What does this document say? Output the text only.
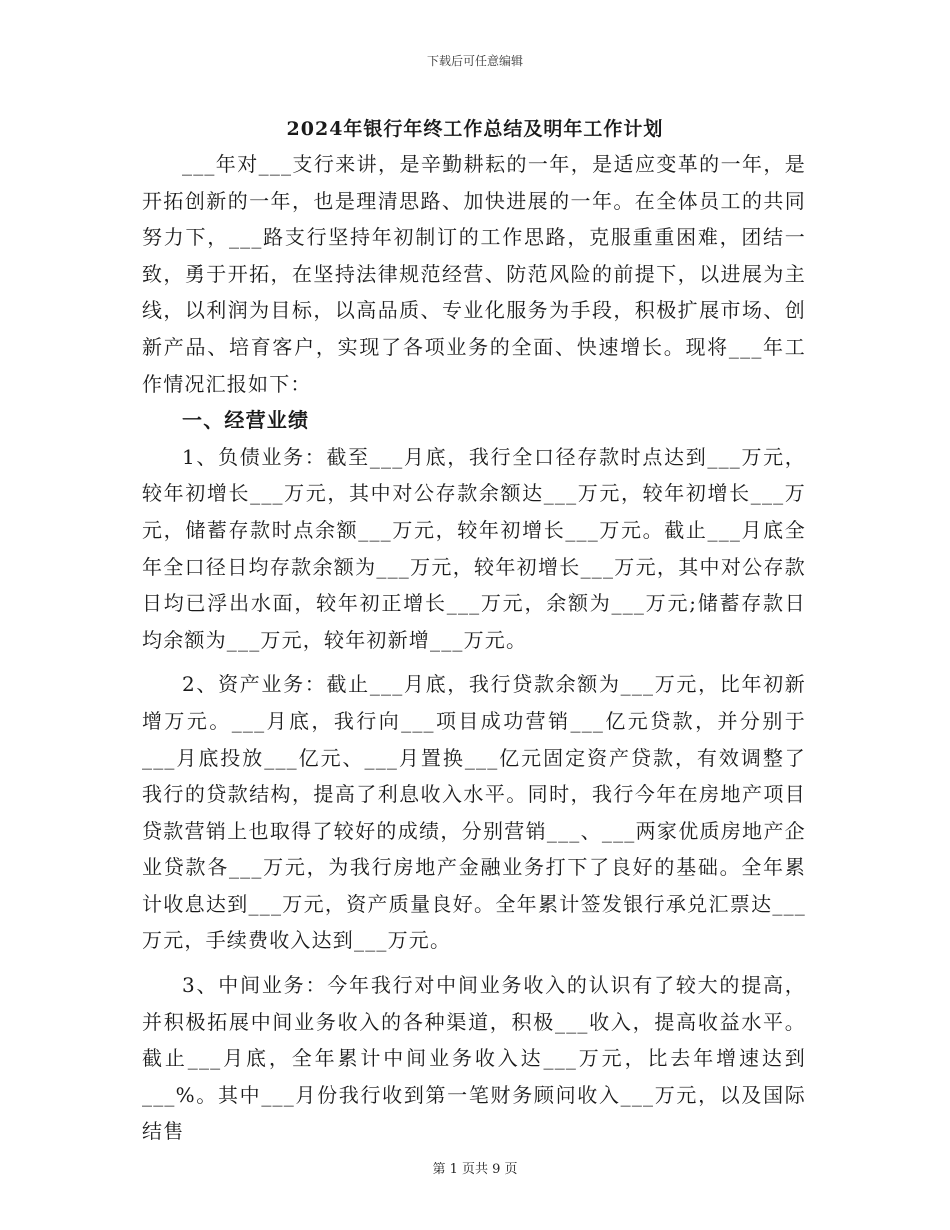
下载后可任意编辑
2024年银行年终工作总结及明年工作计划

___年对___支行来讲，是辛勤耕耘的一年，是适应变革的一年，是开拓创新的一年，也是理清思路、加快进展的一年。在全体员工的共同努力下，___路支行坚持年初制订的工作思路，克服重重困难，团结一致，勇于开拓，在坚持法律规范经营、防范风险的前提下，以进展为主线，以利润为目标，以高品质、专业化服务为手段，积极扩展市场、创新产品、培育客户，实现了各项业务的全面、快速增长。现将___年工作情况汇报如下：

一、经营业绩

1、负债业务：截至___月底，我行全口径存款时点达到___万元，较年初增长___万元，其中对公存款余额达___万元，较年初增长___万元，储蓄存款时点余额___万元，较年初增长___万元。截止___月底全年全口径日均存款余额为___万元，较年初增长___万元，其中对公存款日均已浮出水面，较年初正增长___万元，余额为___万元;储蓄存款日均余额为___万元，较年初新增___万元。

2、资产业务：截止___月底，我行贷款余额为___万元，比年初新增万元。___月底，我行向___项目成功营销___亿元贷款，并分别于___月底投放___亿元、___月置换___亿元固定资产贷款，有效调整了我行的贷款结构，提高了利息收入水平。同时，我行今年在房地产项目贷款营销上也取得了较好的成绩，分别营销___、___两家优质房地产企业贷款各___万元，为我行房地产金融业务打下了良好的基础。全年累计收息达到___万元，资产质量良好。全年累计签发银行承兑汇票达___万元，手续费收入达到___万元。

3、中间业务：今年我行对中间业务收入的认识有了较大的提高，并积极拓展中间业务收入的各种渠道，积极___收入，提高收益水平。截止___月底，全年累计中间业务收入达___万元，比去年增速达到___%。其中___月份我行收到第一笔财务顾问收入___万元，以及国际结售

第 1 页共 9 页
